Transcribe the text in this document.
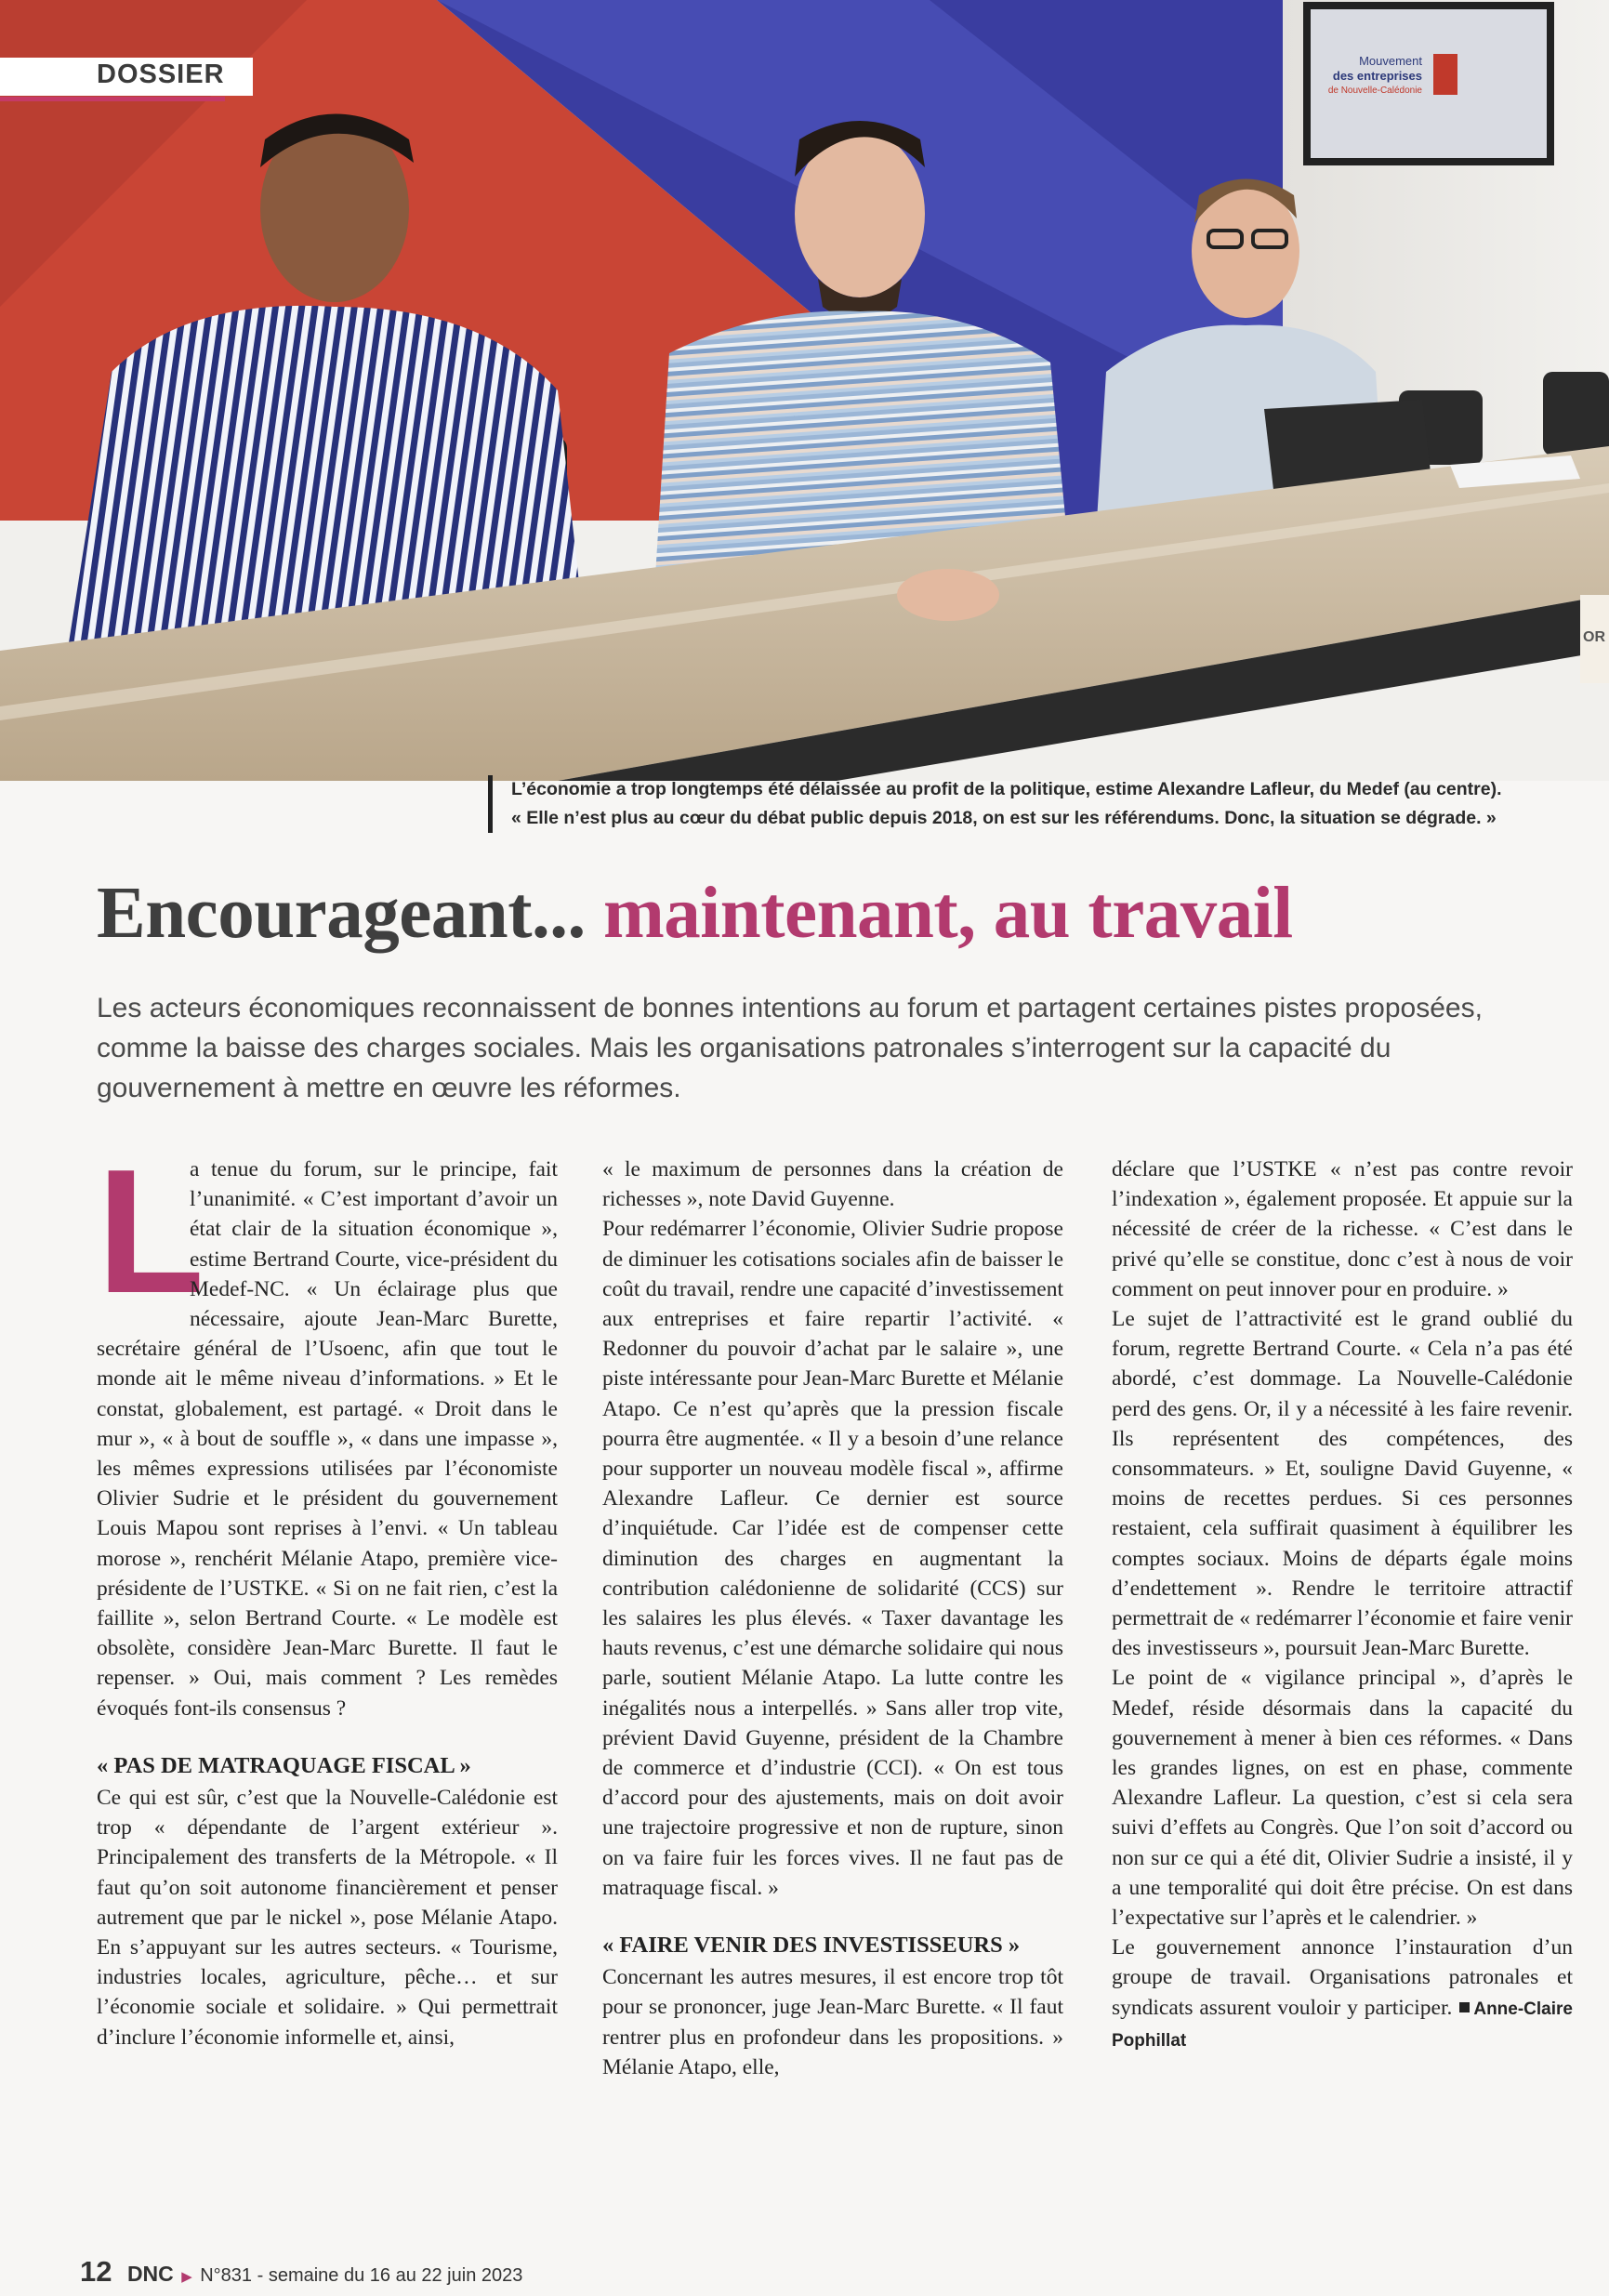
Mouvement
des entreprises
de Nouvelle-Calédonie
OR
DOSSIER

L’économie a trop longtemps été délaissée au profit de la politique, estime Alexandre Lafleur, du Medef (au centre).

« Elle n’est plus au cœur du débat public depuis 2018, on est sur les référendums. Donc, la situation se dégrade. »

Encourageant... maintenant, au travail

Les acteurs économiques reconnaissent de bonnes intentions au forum et partagent certaines pistes proposées, comme la baisse des charges sociales. Mais les organisations patronales s’interrogent sur la capacité du gouvernement à mettre en œuvre les réformes.

L

a tenue du forum, sur le principe, fait l’unanimité. « C’est important d’avoir un état clair de la situation économique », estime Bertrand Courte, vice-président du Medef-NC. « Un éclairage plus que nécessaire, ajoute Jean-Marc Burette, secrétaire général de l’Usoenc, afin que tout le monde ait le même niveau d’informations. » Et le constat, globalement, est partagé. « Droit dans le mur », « à bout de souffle », « dans une impasse », les mêmes expressions utilisées par l’économiste Olivier Sudrie et le président du gouvernement Louis Mapou sont reprises à l’envi. « Un tableau morose », renchérit Mélanie Atapo, première vice-présidente de l’USTKE. « Si on ne fait rien, c’est la faillite », selon Bertrand Courte. « Le modèle est obsolète, considère Jean-Marc Burette. Il faut le repenser. » Oui, mais comment ? Les remèdes évoqués font-ils consensus ?

« PAS DE MATRAQUAGE FISCAL »

Ce qui est sûr, c’est que la Nouvelle-Calédonie est trop « dépendante de l’argent extérieur ». Principalement des transferts de la Métropole. « Il faut qu’on soit autonome financièrement et penser autrement que par le nickel », pose Mélanie Atapo. En s’appuyant sur les autres secteurs. « Tourisme, industries locales, agriculture, pêche… et sur l’économie sociale et solidaire. » Qui permettrait d’inclure l’économie informelle et, ainsi,

« le maximum de personnes dans la création de richesses », note David Guyenne.

Pour redémarrer l’économie, Olivier Sudrie propose de diminuer les cotisations sociales afin de baisser le coût du travail, rendre une capacité d’investissement aux entreprises et faire repartir l’activité. « Redonner du pouvoir d’achat par le salaire », une piste intéressante pour Jean-Marc Burette et Mélanie Atapo. Ce n’est qu’après que la pression fiscale pourra être augmentée. « Il y a besoin d’une relance pour supporter un nouveau modèle fiscal », affirme Alexandre Lafleur. Ce dernier est source d’inquiétude. Car l’idée est de compenser cette diminution des charges en augmentant la contribution calédonienne de solidarité (CCS) sur les salaires les plus élevés. « Taxer davantage les hauts revenus, c’est une démarche solidaire qui nous parle, soutient Mélanie Atapo. La lutte contre les inégalités nous a interpellés. » Sans aller trop vite, prévient David Guyenne, président de la Chambre de commerce et d’industrie (CCI). « On est tous d’accord pour des ajustements, mais on doit avoir une trajectoire progressive et non de rupture, sinon on va faire fuir les forces vives. Il ne faut pas de matraquage fiscal. »

« FAIRE VENIR DES INVESTISSEURS »

Concernant les autres mesures, il est encore trop tôt pour se prononcer, juge Jean-Marc Burette. « Il faut rentrer plus en profondeur dans les propositions. » Mélanie Atapo, elle,

déclare que l’USTKE « n’est pas contre revoir l’indexation », également proposée. Et appuie sur la nécessité de créer de la richesse. « C’est dans le privé qu’elle se constitue, donc c’est à nous de voir comment on peut innover pour en produire. »

Le sujet de l’attractivité est le grand oublié du forum, regrette Bertrand Courte. « Cela n’a pas été abordé, c’est dommage. La Nouvelle-Calédonie perd des gens. Or, il y a nécessité à les faire revenir. Ils représentent des compétences, des consommateurs. » Et, souligne David Guyenne, « moins de recettes perdues. Si ces personnes restaient, cela suffirait quasiment à équilibrer les comptes sociaux. Moins de départs égale moins d’endettement ». Rendre le territoire attractif permettrait de « redémarrer l’économie et faire venir des investisseurs », poursuit Jean-Marc Burette.

Le point de « vigilance principal », d’après le Medef, réside désormais dans la capacité du gouvernement à mener à bien ces réformes. « Dans les grandes lignes, on est en phase, commente Alexandre Lafleur. La question, c’est si cela sera suivi d’effets au Congrès. Que l’on soit d’accord ou non sur ce qui a été dit, Olivier Sudrie a insisté, il y a une temporalité qui doit être précise. On est dans l’expectative sur l’après et le calendrier. »

Le gouvernement annonce l’instauration d’un groupe de travail. Organisations patronales et syndicats assurent vouloir y participer. Anne-Claire Pophillat

12 DNC ▶ N°831 - semaine du 16 au 22 juin 2023
